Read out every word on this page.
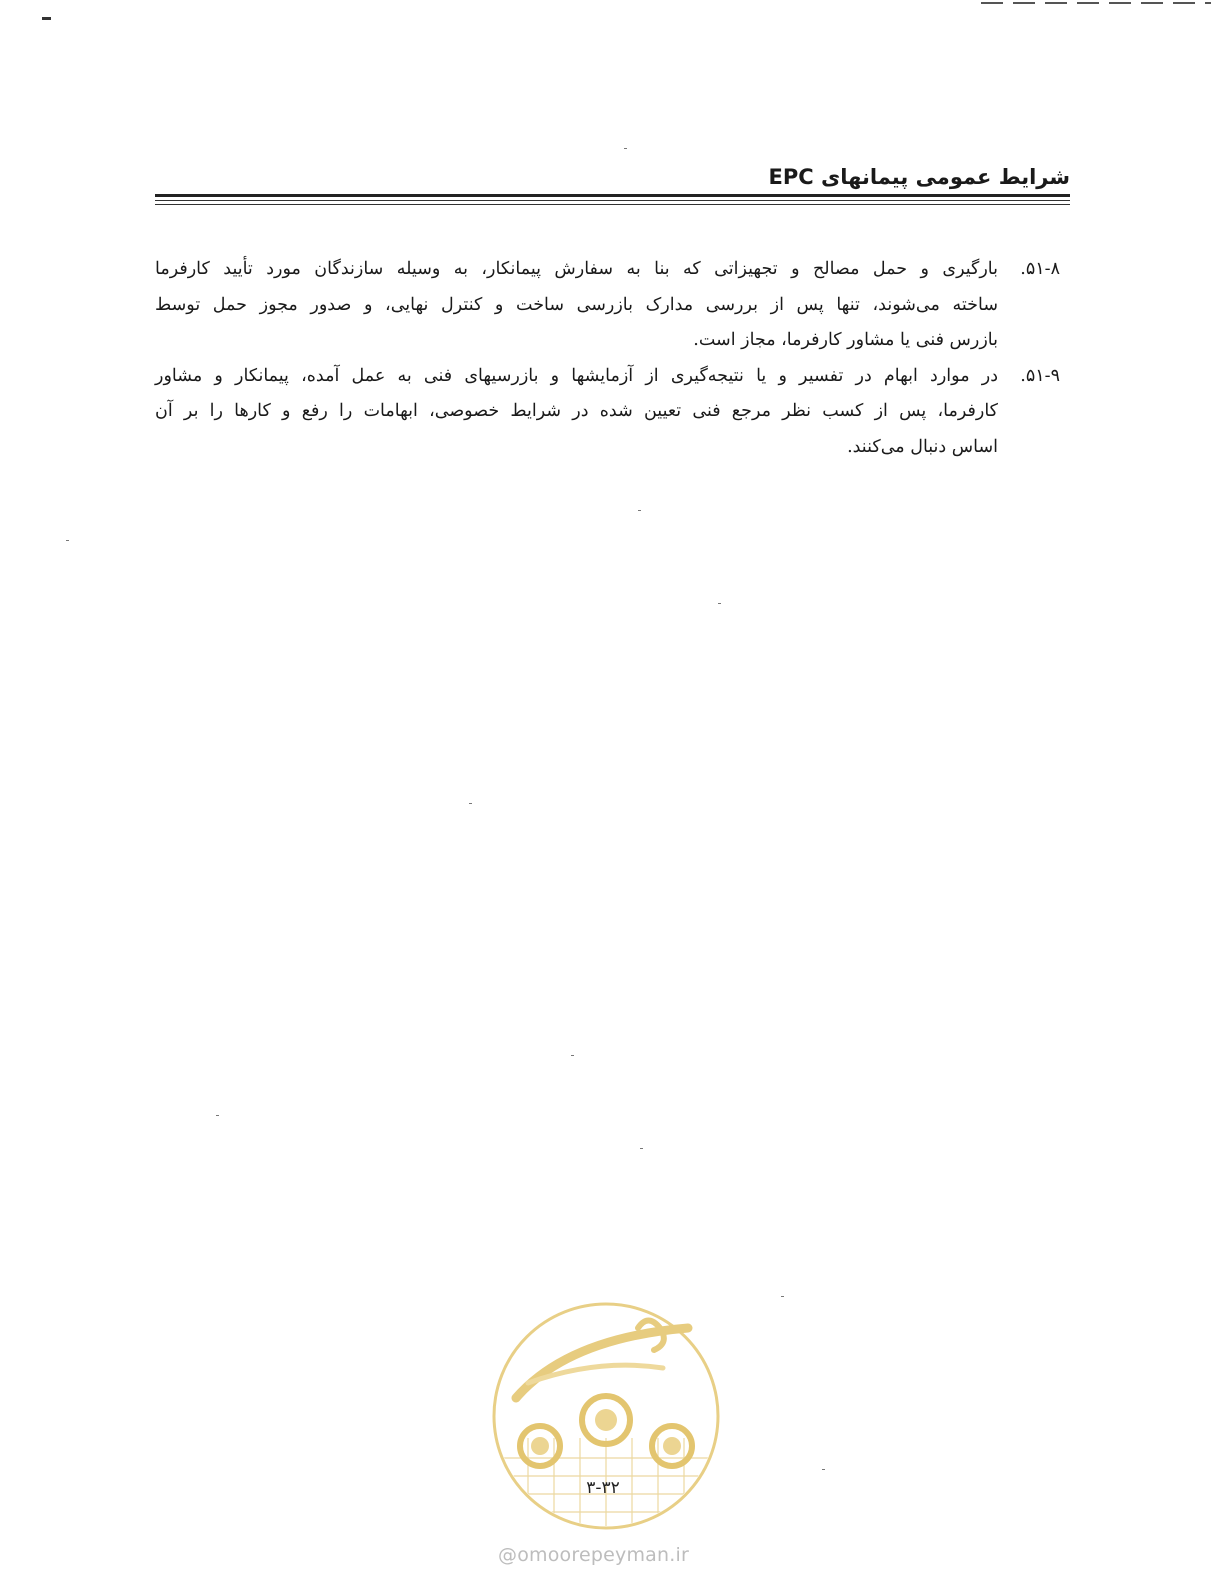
شرایط عمومی پیمانهای EPC

۵۱-۸.
بارگیری و حمل مصالح و تجهیزاتی که بنا به سفارش پیمانکار، به وسیله سازندگان مورد تأیید کارفرما
ساخته می‌شوند، تنها پس از بررسی مدارک بازرسی ساخت و کنترل نهایی، و صدور مجوز حمل توسط
بازرس فنی یا مشاور کارفرما، مجاز است.

۵۱-۹.
در موارد ابهام در تفسیر و یا نتیجه‌گیری از آزمایشها و بازرسیهای فنی به عمل آمده، پیمانکار و مشاور
کارفرما، پس از کسب نظر مرجع فنی تعیین شده در شرایط خصوصی، ابهامات را رفع و کارها را بر آن
اساس دنبال می‌کنند.

۳-۳۲
@omoorepeyman.ir
